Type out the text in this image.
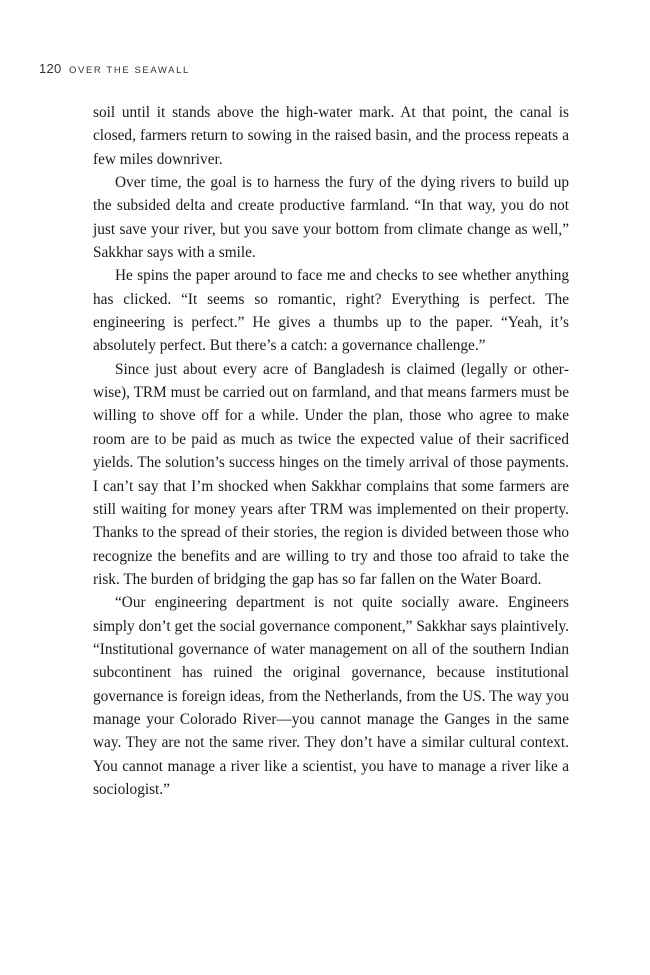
120 OVER THE SEAWALL

soil until it stands above the high-water mark. At that point, the canal is closed, farmers return to sowing in the raised basin, and the process repeats a few miles downriver.

Over time, the goal is to harness the fury of the dying rivers to build up the subsided delta and create productive farmland. “In that way, you do not just save your river, but you save your bottom from climate change as well,” Sakkhar says with a smile.

He spins the paper around to face me and checks to see whether anything has clicked. “It seems so romantic, right? Everything is perfect. The engineering is perfect.” He gives a thumbs up to the paper. “Yeah, it’s absolutely perfect. But there’s a catch: a governance challenge.”

Since just about every acre of Bangladesh is claimed (legally or otherwise), TRM must be carried out on farmland, and that means farmers must be willing to shove off for a while. Under the plan, those who agree to make room are to be paid as much as twice the expected value of their sacrificed yields. The solution’s success hinges on the timely arrival of those payments. I can’t say that I’m shocked when Sakkhar complains that some farmers are still waiting for money years after TRM was implemented on their property. Thanks to the spread of their stories, the region is divided between those who recognize the benefits and are willing to try and those too afraid to take the risk. The burden of bridging the gap has so far fallen on the Water Board.

“Our engineering department is not quite socially aware. Engineers simply don’t get the social governance component,” Sakkhar says plaintively. “Institutional governance of water management on all of the southern Indian subcontinent has ruined the original governance, because institutional governance is foreign ideas, from the Netherlands, from the US. The way you manage your Colorado River—you cannot manage the Ganges in the same way. They are not the same river. They don’t have a similar cultural context. You cannot manage a river like a scientist, you have to manage a river like a sociologist.”
